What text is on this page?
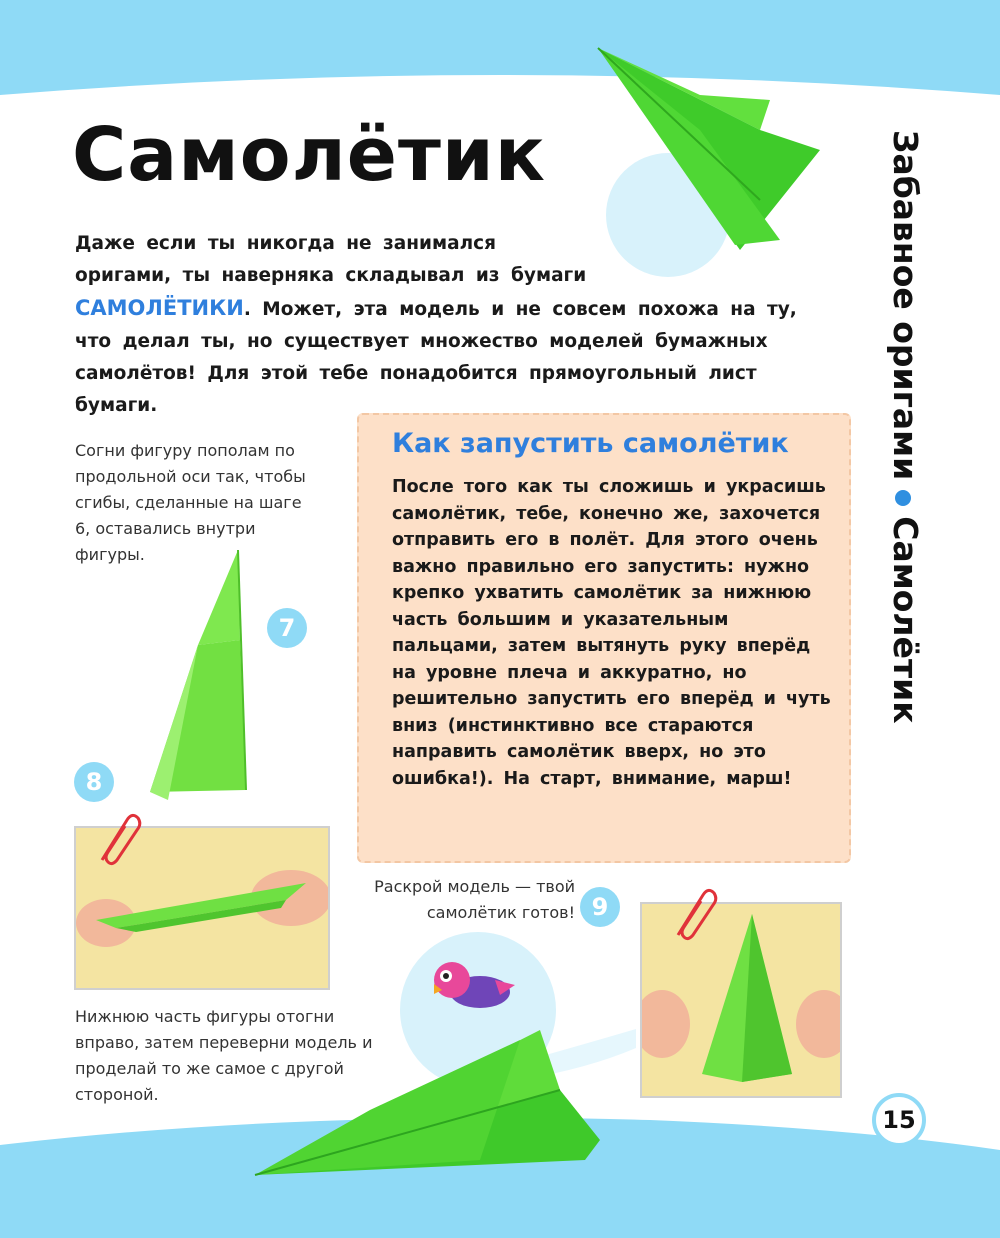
Самолётик
Даже если ты никогда не занимался
оригами, ты наверняка складывал из бумаги
САМОЛЁТИКИ. Может, эта модель и не совсем похожа на ту, что делал ты, но существует множество моделей бумажных самолётов! Для этой тебе понадобится прямоугольный лист бумаги.	Забавное оригамиСамолётик
Как запустить самолётик
После того как ты сложишь и украсишь самолётик, тебе, конечно же, захочется отправить его в полёт. Для этого очень важно правильно его запустить: нужно крепко ухватить самолётик за нижнюю часть большим и указательным пальцами, затем вытянуть руку вперёд на уровне плеча и аккуратно, но решительно запустить его вперёд и чуть вниз (инстинктивно все стараются направить самолётик вверх, но это ошибка!). На старт, внимание, марш!
Согни фигуру пополам по продольной оси так, чтобы сгибы, сделанные на шаге 6, оставались внутри фигуры.
7
8
Нижнюю часть фигуры отогни вправо, затем переверни модель и проделай то же самое с другой стороной.
Раскрой модель — твой самолётик готов! 9
15
